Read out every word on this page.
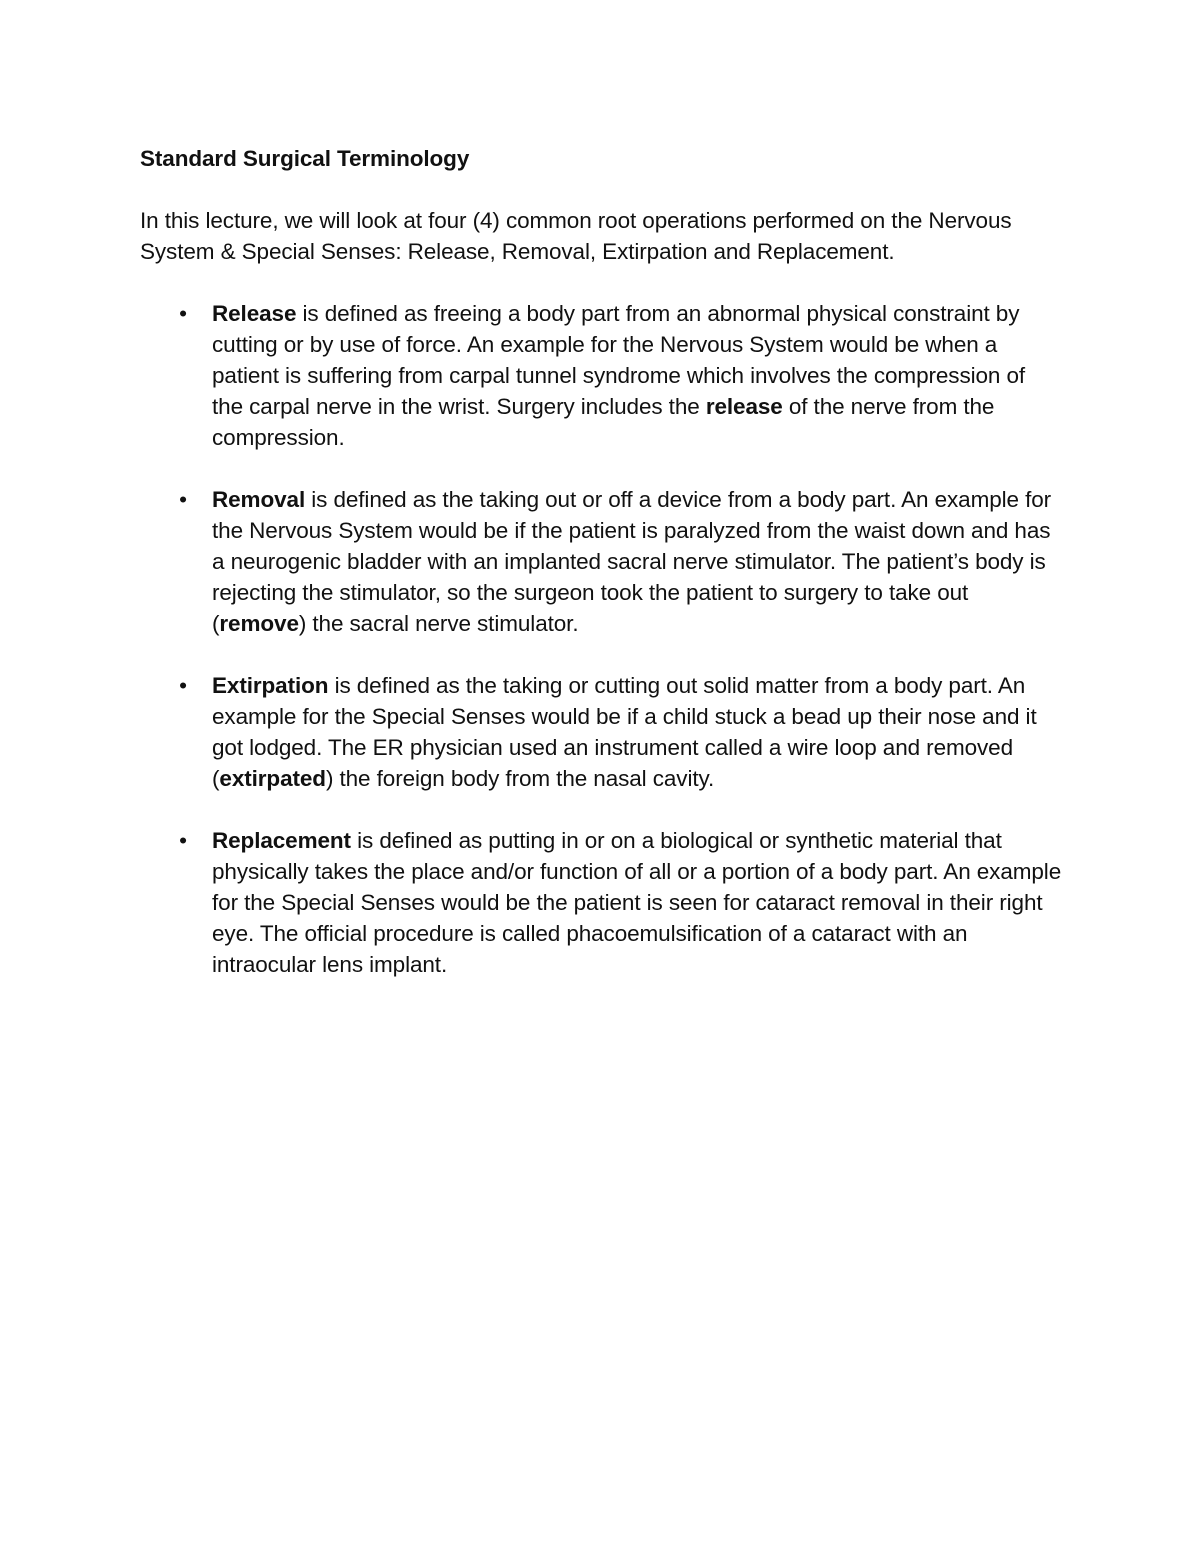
Standard Surgical Terminology

In this lecture, we will look at four (4) common root operations performed on the Nervous System & Special Senses: Release, Removal, Extirpation and Replacement.

• Release is defined as freeing a body part from an abnormal physical constraint by cutting or by use of force. An example for the Nervous System would be when a patient is suffering from carpal tunnel syndrome which involves the compression of the carpal nerve in the wrist. Surgery includes the release of the nerve from the compression.
• Removal is defined as the taking out or off a device from a body part. An example for the Nervous System would be if the patient is paralyzed from the waist down and has a neurogenic bladder with an implanted sacral nerve stimulator. The patient’s body is rejecting the stimulator, so the surgeon took the patient to surgery to take out (remove) the sacral nerve stimulator.
• Extirpation is defined as the taking or cutting out solid matter from a body part. An example for the Special Senses would be if a child stuck a bead up their nose and it got lodged. The ER physician used an instrument called a wire loop and removed (extirpated) the foreign body from the nasal cavity.
• Replacement is defined as putting in or on a biological or synthetic material that physically takes the place and/or function of all or a portion of a body part. An example for the Special Senses would be the patient is seen for cataract removal in their right eye. The official procedure is called phacoemulsification of a cataract with an intraocular lens implant.
